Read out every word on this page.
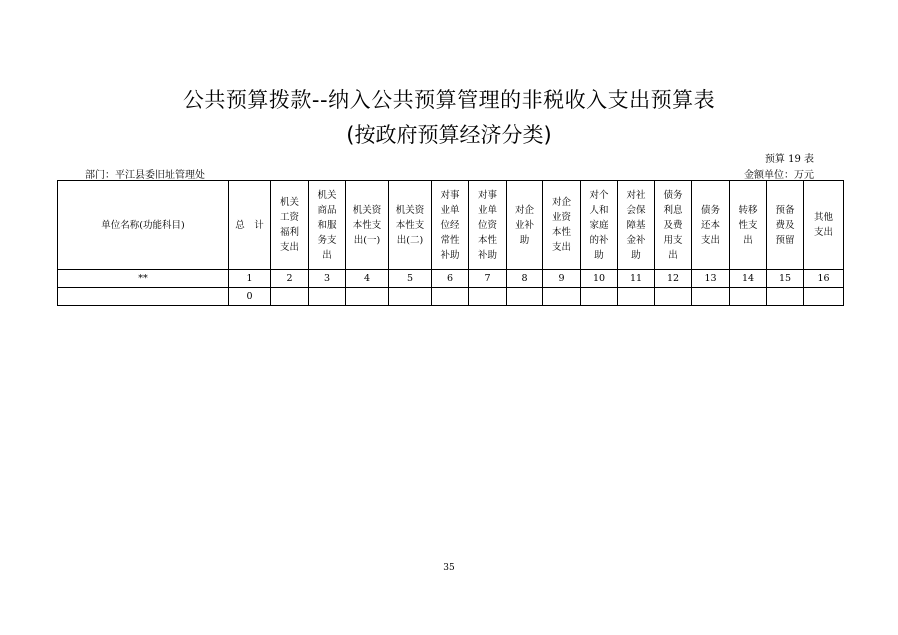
公共预算拨款--纳入公共预算管理的非税收入支出预算表
(按政府预算经济分类)
预算 19 表
部门：平江县委旧址管理处	金额单位：万元
单位名称(功能科目)	总　计	机关
工资
福利
支出	机关
商品
和服
务支
出	机关资
本性支
出(一)	机关资
本性支
出(二)	对事
业单
位经
常性
补助	对事
业单
位资
本性
补助	对企
业补
助	对企
业资
本性
支出	对个
人和
家庭
的补
助	对社
会保
障基
金补
助	债务
利息
及费
用支
出	债务
还本
支出	转移
性支
出	预备
费及
预留	其他
支出

**	1	2	3	4	5	6	7	8	9	10	11	12	13	14	15	16
	0															
35
